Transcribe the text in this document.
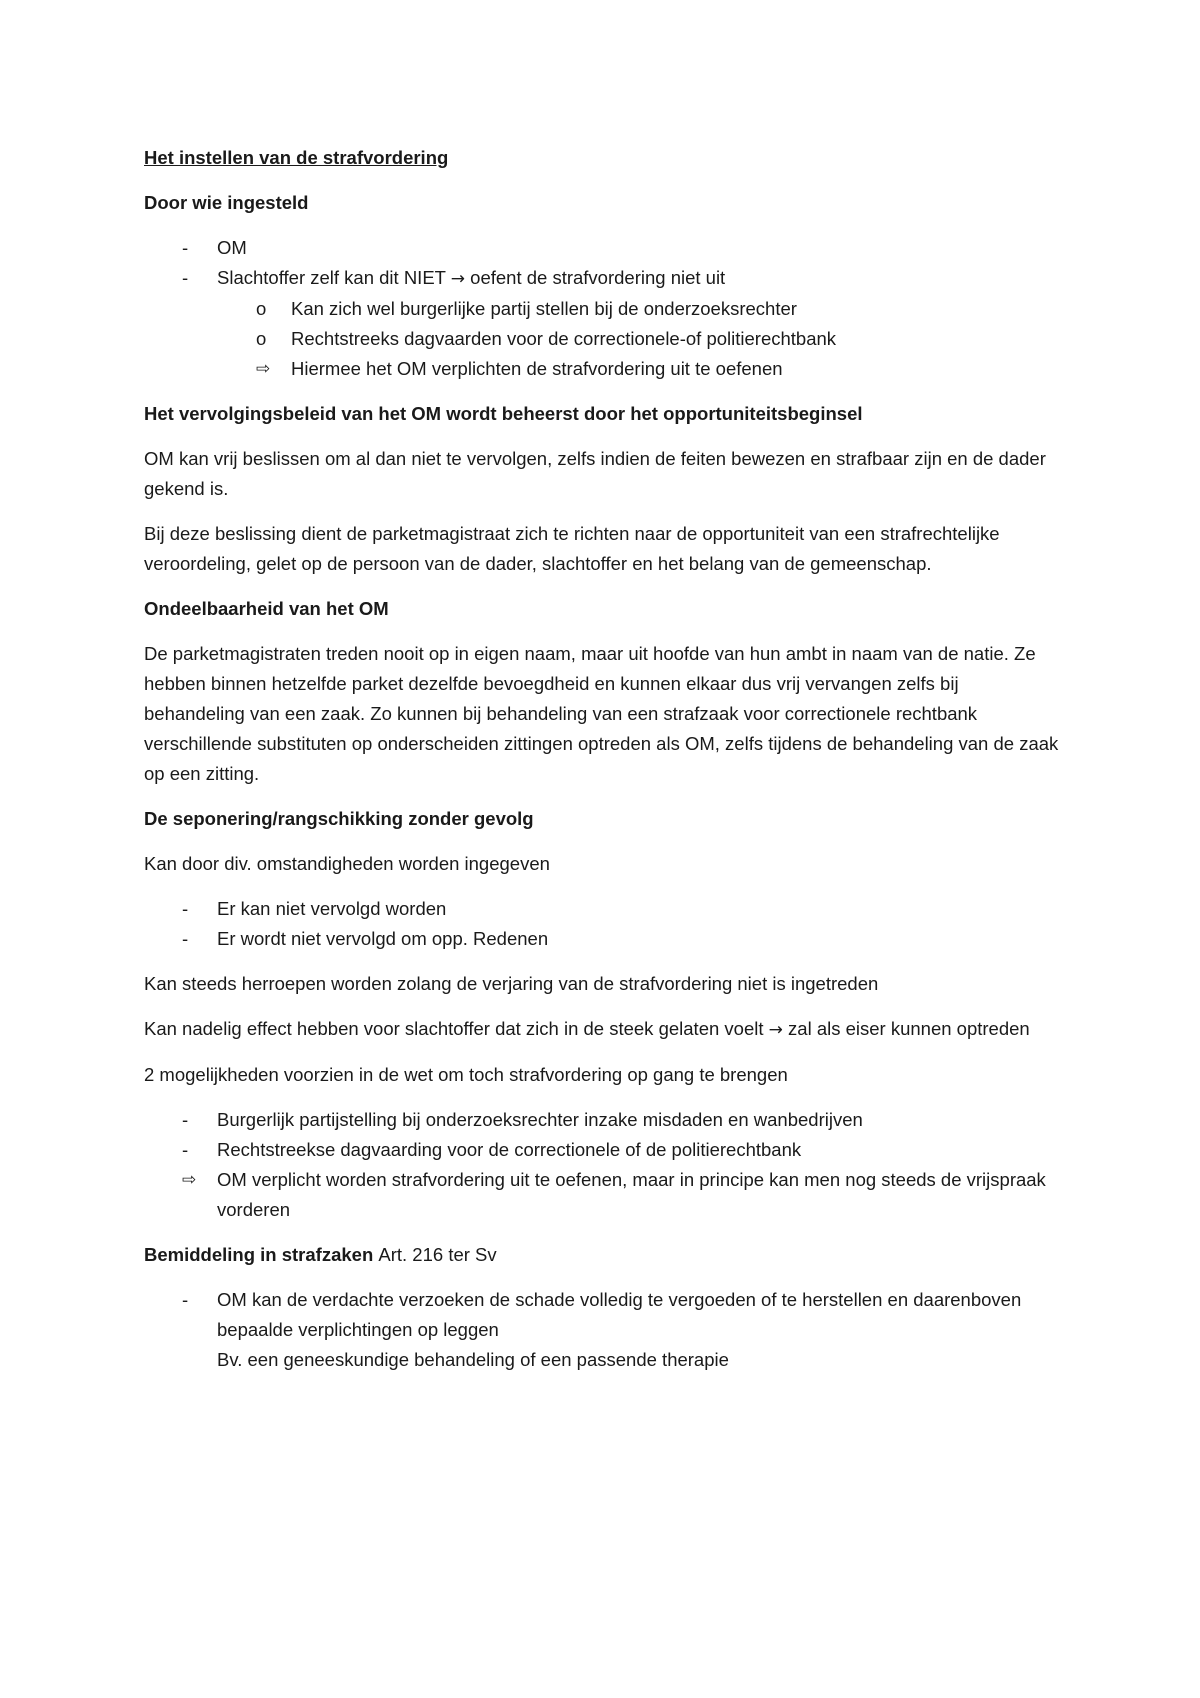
Het instellen van de strafvordering
Door wie ingesteld
- OM
- Slachtoffer zelf kan dit NIET → oefent de strafvordering niet uit
o Kan zich wel burgerlijke partij stellen bij de onderzoeksrechter
o Rechtstreeks dagvaarden voor de correctionele-of politierechtbank
⇨ Hiermee het OM verplichten de strafvordering uit te oefenen
Het vervolgingsbeleid van het OM wordt beheerst door het opportuniteitsbeginsel

OM kan vrij beslissen om al dan niet te vervolgen, zelfs indien de feiten bewezen en strafbaar zijn en de dader gekend is.

Bij deze beslissing dient de parketmagistraat zich te richten naar de opportuniteit van een strafrechtelijke veroordeling, gelet op de persoon van de dader, slachtoffer en het belang van de gemeenschap.

Ondeelbaarheid van het OM

De parketmagistraten treden nooit op in eigen naam, maar uit hoofde van hun ambt in naam van de natie. Ze hebben binnen hetzelfde parket dezelfde bevoegdheid en kunnen elkaar dus vrij vervangen zelfs bij behandeling van een zaak. Zo kunnen bij behandeling van een strafzaak voor correctionele rechtbank verschillende substituten op onderscheiden zittingen optreden als OM, zelfs tijdens de behandeling van de zaak op een zitting.

De seponering/rangschikking zonder gevolg

Kan door div. omstandigheden worden ingegeven

- Er kan niet vervolgd worden
- Er wordt niet vervolgd om opp. Redenen

Kan steeds herroepen worden zolang de verjaring van de strafvordering niet is ingetreden

Kan nadelig effect hebben voor slachtoffer dat zich in de steek gelaten voelt → zal als eiser kunnen optreden

2 mogelijkheden voorzien in de wet om toch strafvordering op gang te brengen

- Burgerlijk partijstelling bij onderzoeksrechter inzake misdaden en wanbedrijven
- Rechtstreekse dagvaarding voor de correctionele of de politierechtbank
⇨ OM verplicht worden strafvordering uit te oefenen, maar in principe kan men nog steeds de vrijspraak vorderen
Bemiddeling in strafzaken Art. 216 ter Sv
- OM kan de verdachte verzoeken de schade volledig te vergoeden of te herstellen en daarenboven bepaalde verplichtingen op leggen
Bv. een geneeskundige behandeling of een passende therapie
